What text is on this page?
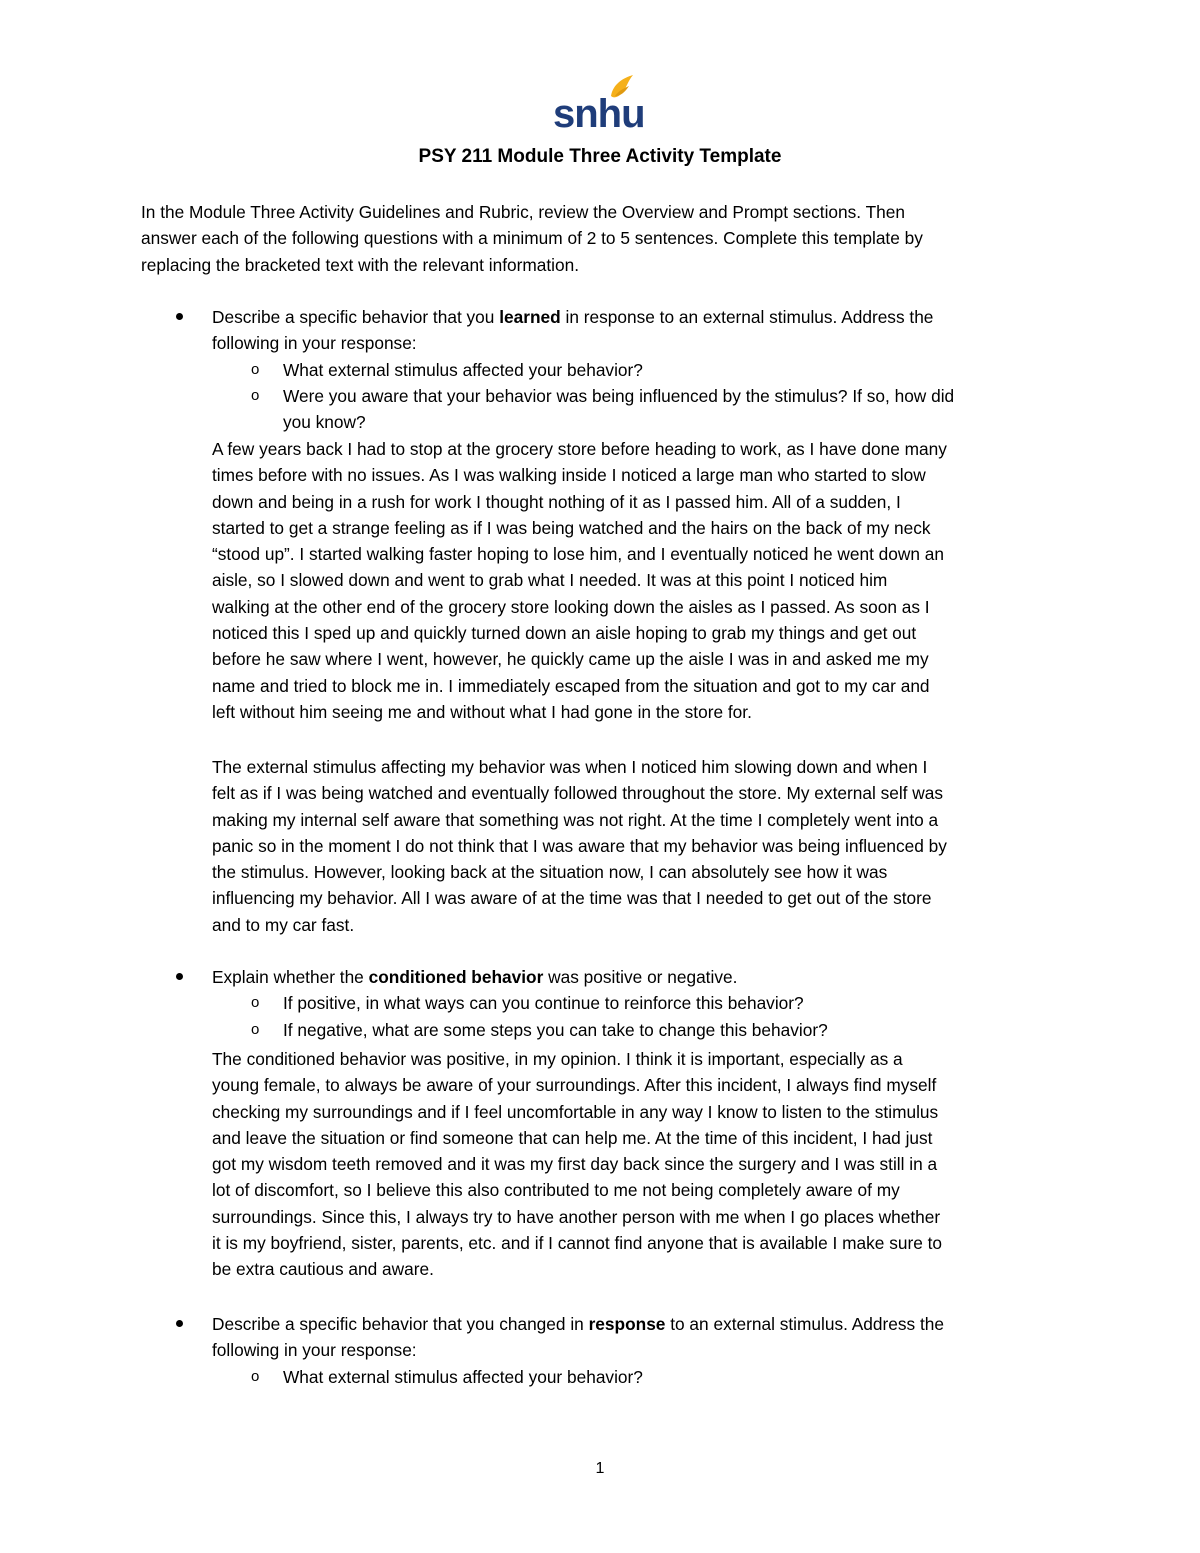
snhu
PSY 211 Module Three Activity Template
In the Module Three Activity Guidelines and Rubric, review the Overview and Prompt sections. Then
answer each of the following questions with a minimum of 2 to 5 sentences. Complete this template by
replacing the bracketed text with the relevant information.
Describe a specific behavior that you learned in response to an external stimulus. Address the
following in your response:
o What external stimulus affected your behavior?
o Were you aware that your behavior was being influenced by the stimulus? If so, how did
you know?
A few years back I had to stop at the grocery store before heading to work, as I have done many
times before with no issues. As I was walking inside I noticed a large man who started to slow
down and being in a rush for work I thought nothing of it as I passed him. All of a sudden, I
started to get a strange feeling as if I was being watched and the hairs on the back of my neck
“stood up”. I started walking faster hoping to lose him, and I eventually noticed he went down an
aisle, so I slowed down and went to grab what I needed. It was at this point I noticed him
walking at the other end of the grocery store looking down the aisles as I passed. As soon as I
noticed this I sped up and quickly turned down an aisle hoping to grab my things and get out
before he saw where I went, however, he quickly came up the aisle I was in and asked me my
name and tried to block me in. I immediately escaped from the situation and got to my car and
left without him seeing me and without what I had gone in the store for.
The external stimulus affecting my behavior was when I noticed him slowing down and when I
felt as if I was being watched and eventually followed throughout the store. My external self was
making my internal self aware that something was not right. At the time I completely went into a
panic so in the moment I do not think that I was aware that my behavior was being influenced by
the stimulus. However, looking back at the situation now, I can absolutely see how it was
influencing my behavior. All I was aware of at the time was that I needed to get out of the store
and to my car fast.
Explain whether the conditioned behavior was positive or negative.
o If positive, in what ways can you continue to reinforce this behavior?
o If negative, what are some steps you can take to change this behavior?
The conditioned behavior was positive, in my opinion. I think it is important, especially as a
young female, to always be aware of your surroundings. After this incident, I always find myself
checking my surroundings and if I feel uncomfortable in any way I know to listen to the stimulus
and leave the situation or find someone that can help me. At the time of this incident, I had just
got my wisdom teeth removed and it was my first day back since the surgery and I was still in a
lot of discomfort, so I believe this also contributed to me not being completely aware of my
surroundings. Since this, I always try to have another person with me when I go places whether
it is my boyfriend, sister, parents, etc. and if I cannot find anyone that is available I make sure to
be extra cautious and aware.
Describe a specific behavior that you changed in response to an external stimulus. Address the
following in your response:
o What external stimulus affected your behavior?
1
